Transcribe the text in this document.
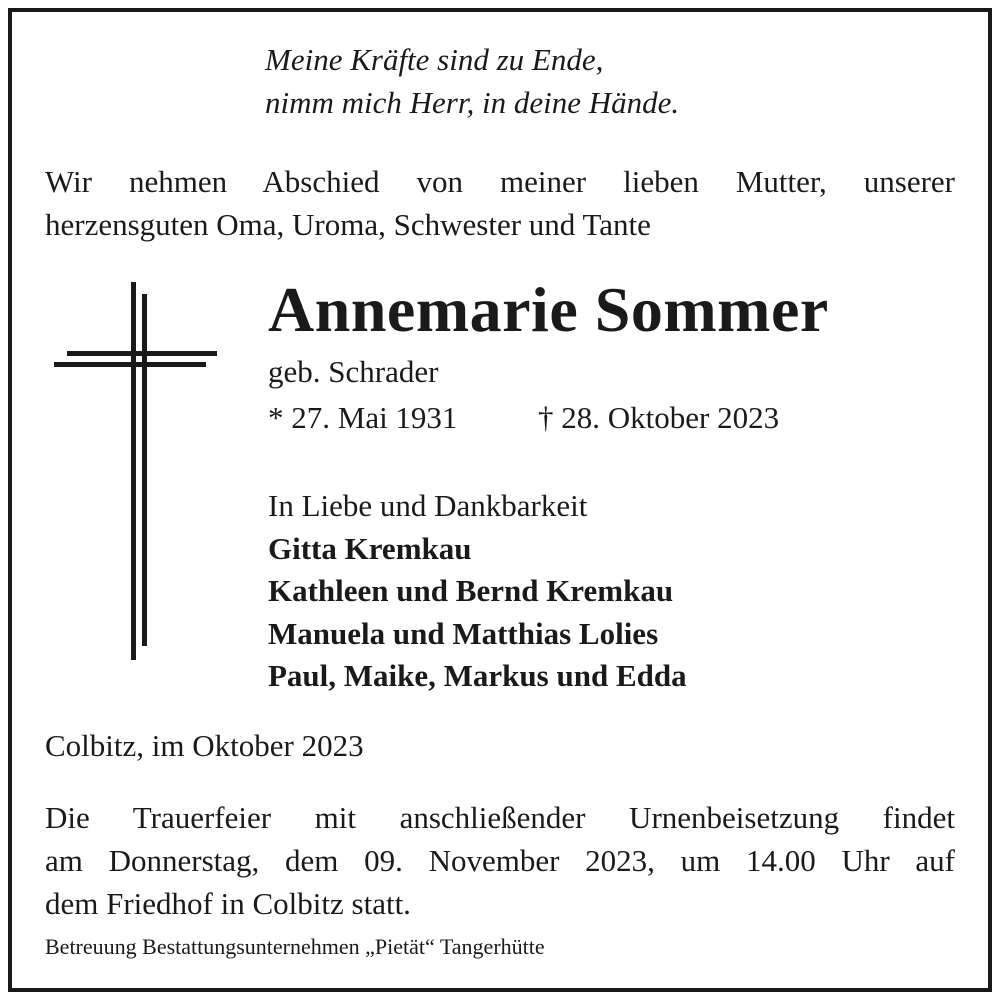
Meine Kräfte sind zu Ende,
nimm mich Herr, in deine Hände.
Wir nehmen Abschied von meiner lieben Mutter, unserer
herzensguten Oma, Uroma, Schwester und Tante
Annemarie Sommer
geb. Schrader
* 27. Mai 1931	† 28. Oktober 2023
In Liebe und Dankbarkeit
Gitta Kremkau
Kathleen und Bernd Kremkau
Manuela und Matthias Lolies
Paul, Maike, Markus und Edda
Colbitz, im Oktober 2023
Die Trauerfeier mit anschließender Urnenbeisetzung findet
am Donnerstag, dem 09. November 2023, um 14.00 Uhr auf
dem Friedhof in Colbitz statt.
Betreuung Bestattungsunternehmen „Pietät“ Tangerhütte
